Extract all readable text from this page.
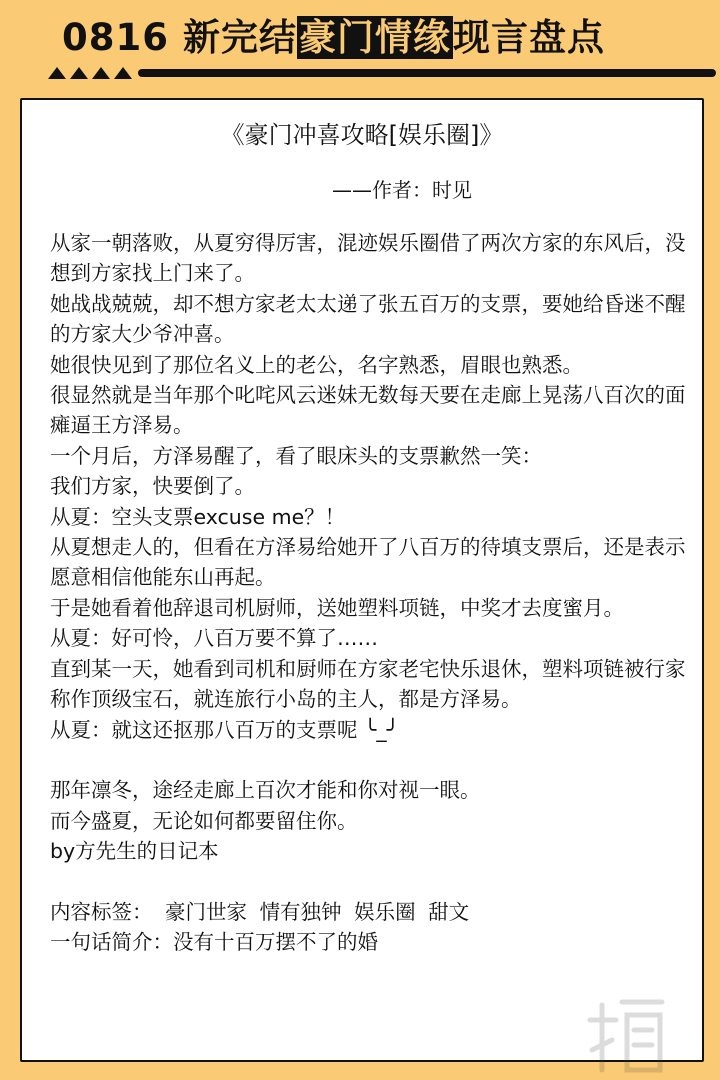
0816 新完结豪门情缘现言盘点
《豪门冲喜攻略[娱乐圈]》
——作者：时见

从家一朝落败，从夏穷得厉害，混迹娱乐圈借了两次方家的东风后，没想到方家找上门来了。

她战战兢兢，却不想方家老太太递了张五百万的支票，要她给昏迷不醒的方家大少爷冲喜。

她很快见到了那位名义上的老公，名字熟悉，眉眼也熟悉。

很显然就是当年那个叱咤风云迷妹无数每天要在走廊上晃荡八百次的面瘫逼王方泽易。

一个月后，方泽易醒了，看了眼床头的支票歉然一笑：

我们方家，快要倒了。

从夏：空头支票excuse me？！

从夏想走人的，但看在方泽易给她开了八百万的待填支票后，还是表示愿意相信他能东山再起。

于是她看着他辞退司机厨师，送她塑料项链，中奖才去度蜜月。

从夏：好可怜，八百万要不算了……

直到某一天，她看到司机和厨师在方家老宅快乐退休，塑料项链被行家称作顶级宝石，就连旅行小岛的主人，都是方泽易。

从夏：就这还抠那八百万的支票呢 ╰_╯

那年凛冬，途经走廊上百次才能和你对视一眼。

而今盛夏，无论如何都要留住你。

by方先生的日记本

内容标签： 豪门世家 情有独钟 娱乐圈 甜文

一句话简介：没有十百万摆不了的婚
